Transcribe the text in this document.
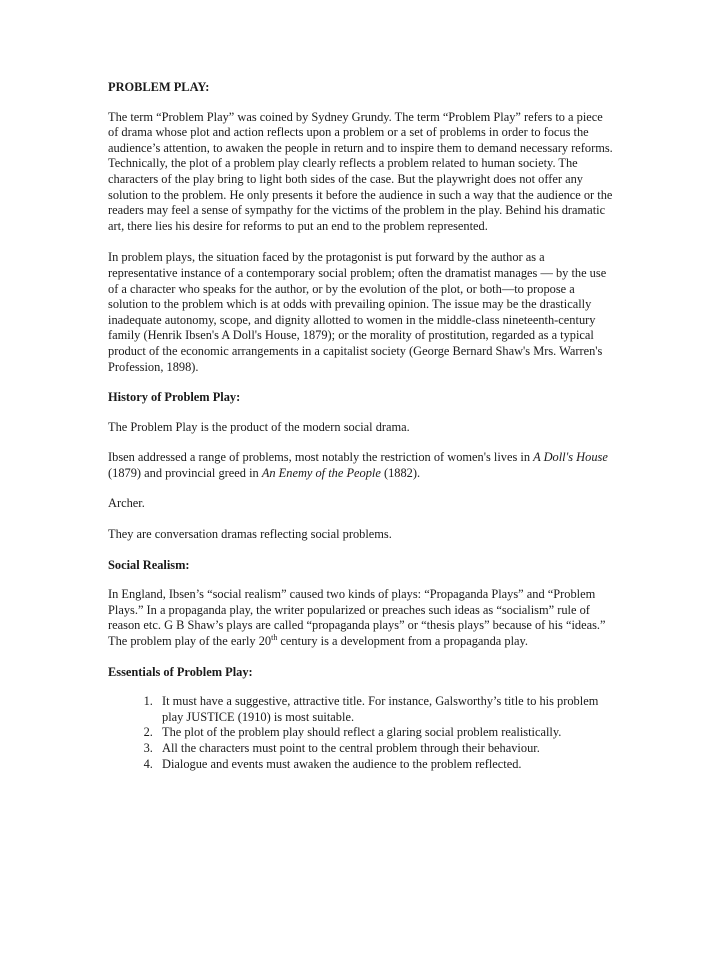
PROBLEM PLAY:

The term “Problem Play” was coined by Sydney Grundy. The term “Problem Play” refers to a piece of drama whose plot and action reflects upon a problem or a set of problems in order to focus the audience’s attention, to awaken the people in return and to inspire them to demand necessary reforms. Technically, the plot of a problem play clearly reflects a problem related to human society. The characters of the play bring to light both sides of the case. But the playwright does not offer any solution to the problem. He only presents it before the audience in such a way that the audience or the readers may feel a sense of sympathy for the victims of the problem in the play. Behind his dramatic art, there lies his desire for reforms to put an end to the problem represented.

In problem plays, the situation faced by the protagonist is put forward by the author as a representative instance of a contemporary social problem; often the dramatist manages — by the use of a character who speaks for the author, or by the evolution of the plot, or both—to propose a solution to the problem which is at odds with prevailing opinion. The issue may be the drastically inadequate autonomy, scope, and dignity allotted to women in the middle-class nineteenth-century family (Henrik Ibsen's A Doll's House, 1879); or the morality of prostitution, regarded as a typical product of the economic arrangements in a capitalist society (George Bernard Shaw's Mrs. Warren's Profession, 1898).

History of Problem Play:

The Problem Play is the product of the modern social drama.

Ibsen addressed a range of problems, most notably the restriction of women's lives in A Doll's House (1879) and provincial greed in An Enemy of the People (1882).

Archer.

They are conversation dramas reflecting social problems.

Social Realism:

In England, Ibsen’s “social realism” caused two kinds of plays: “Propaganda Plays” and “Problem Plays.” In a propaganda play, the writer popularized or preaches such ideas as “socialism” rule of reason etc. G B Shaw’s plays are called “propaganda plays” or “thesis plays” because of his “ideas.” The problem play of the early 20th century is a development from a propaganda play.

Essentials of Problem Play:
1. It must have a suggestive, attractive title. For instance, Galsworthy’s title to his problem play JUSTICE (1910) is most suitable.
2. The plot of the problem play should reflect a glaring social problem realistically.
3. All the characters must point to the central problem through their behaviour.
4. Dialogue and events must awaken the audience to the problem reflected.
